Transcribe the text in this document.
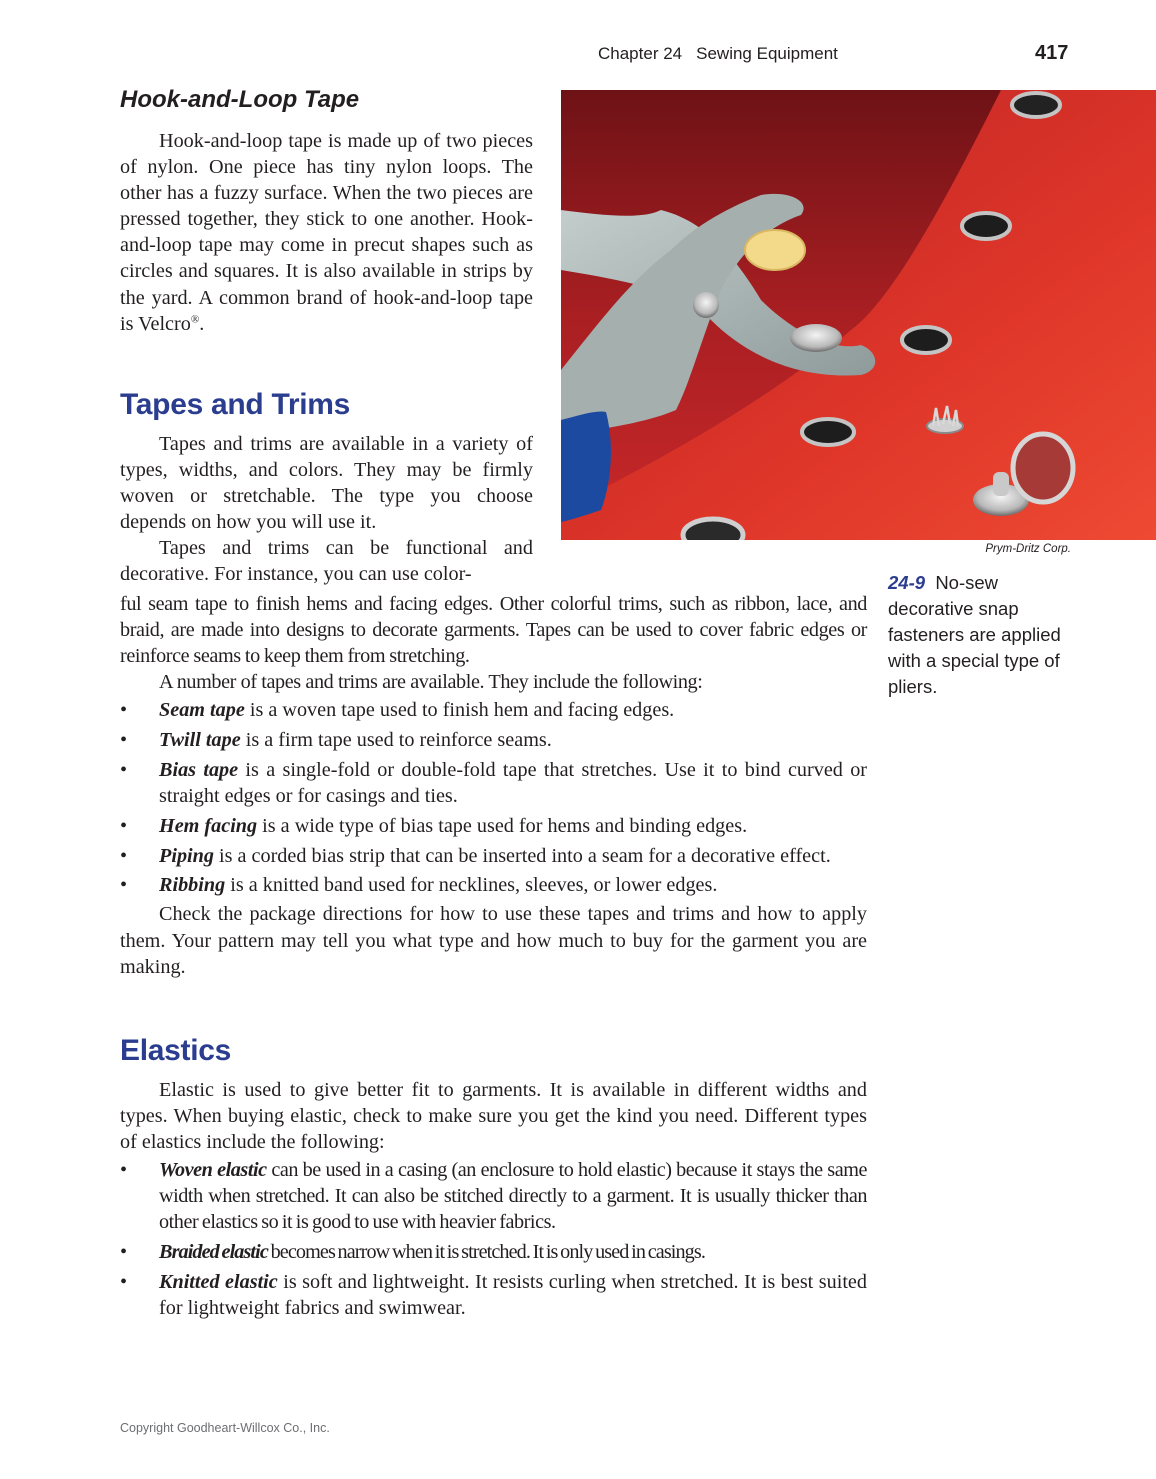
Chapter 24 Sewing Equipment	417
Hook-and-Loop Tape

Hook-and-loop tape is made up of two pieces of nylon. One piece has tiny nylon loops. The other has a fuzzy surface. When the two pieces are pressed together, they stick to one another. Hook-and-loop tape may come in precut shapes such as circles and squares. It is also available in strips by the yard. A common brand of hook-and-loop tape is Velcro®.

Prym-Dritz Corp.
24-9 No-sew decorative snap fasteners are applied with a special type of pliers.
Tapes and Trims

Tapes and trims are available in a variety of types, widths, and colors. They may be firmly woven or stretchable. The type you choose depends on how you will use it.

Tapes and trims can be functional and decorative. For instance, you can use color-

ful seam tape to finish hems and facing edges. Other colorful trims, such as ribbon, lace, and braid, are made into designs to decorate garments. Tapes can be used to cover fabric edges or reinforce seams to keep them from stretching.

A number of tapes and trims are available. They include the following:

• Seam tape is a woven tape used to finish hem and facing edges.
• Twill tape is a firm tape used to reinforce seams.
• Bias tape is a single-fold or double-fold tape that stretches. Use it to bind curved or straight edges or for casings and ties.
• Hem facing is a wide type of bias tape used for hems and binding edges.
• Piping is a corded bias strip that can be inserted into a seam for a decorative effect.
• Ribbing is a knitted band used for necklines, sleeves, or lower edges.

Check the package directions for how to use these tapes and trims and how to apply them. Your pattern may tell you what type and how much to buy for the garment you are making.

Elastics

Elastic is used to give better fit to garments. It is available in different widths and types. When buying elastic, check to make sure you get the kind you need. Different types of elastics include the following:

• Woven elastic can be used in a casing (an enclosure to hold elastic) because it stays the same width when stretched. It can also be stitched directly to a garment. It is usually thicker than other elastics so it is good to use with heavier fabrics.
• Braided elastic becomes narrow when it is stretched. It is only used in casings.
• Knitted elastic is soft and lightweight. It resists curling when stretched. It is best suited for lightweight fabrics and swimwear.
Copyright Goodheart-Willcox Co., Inc.
